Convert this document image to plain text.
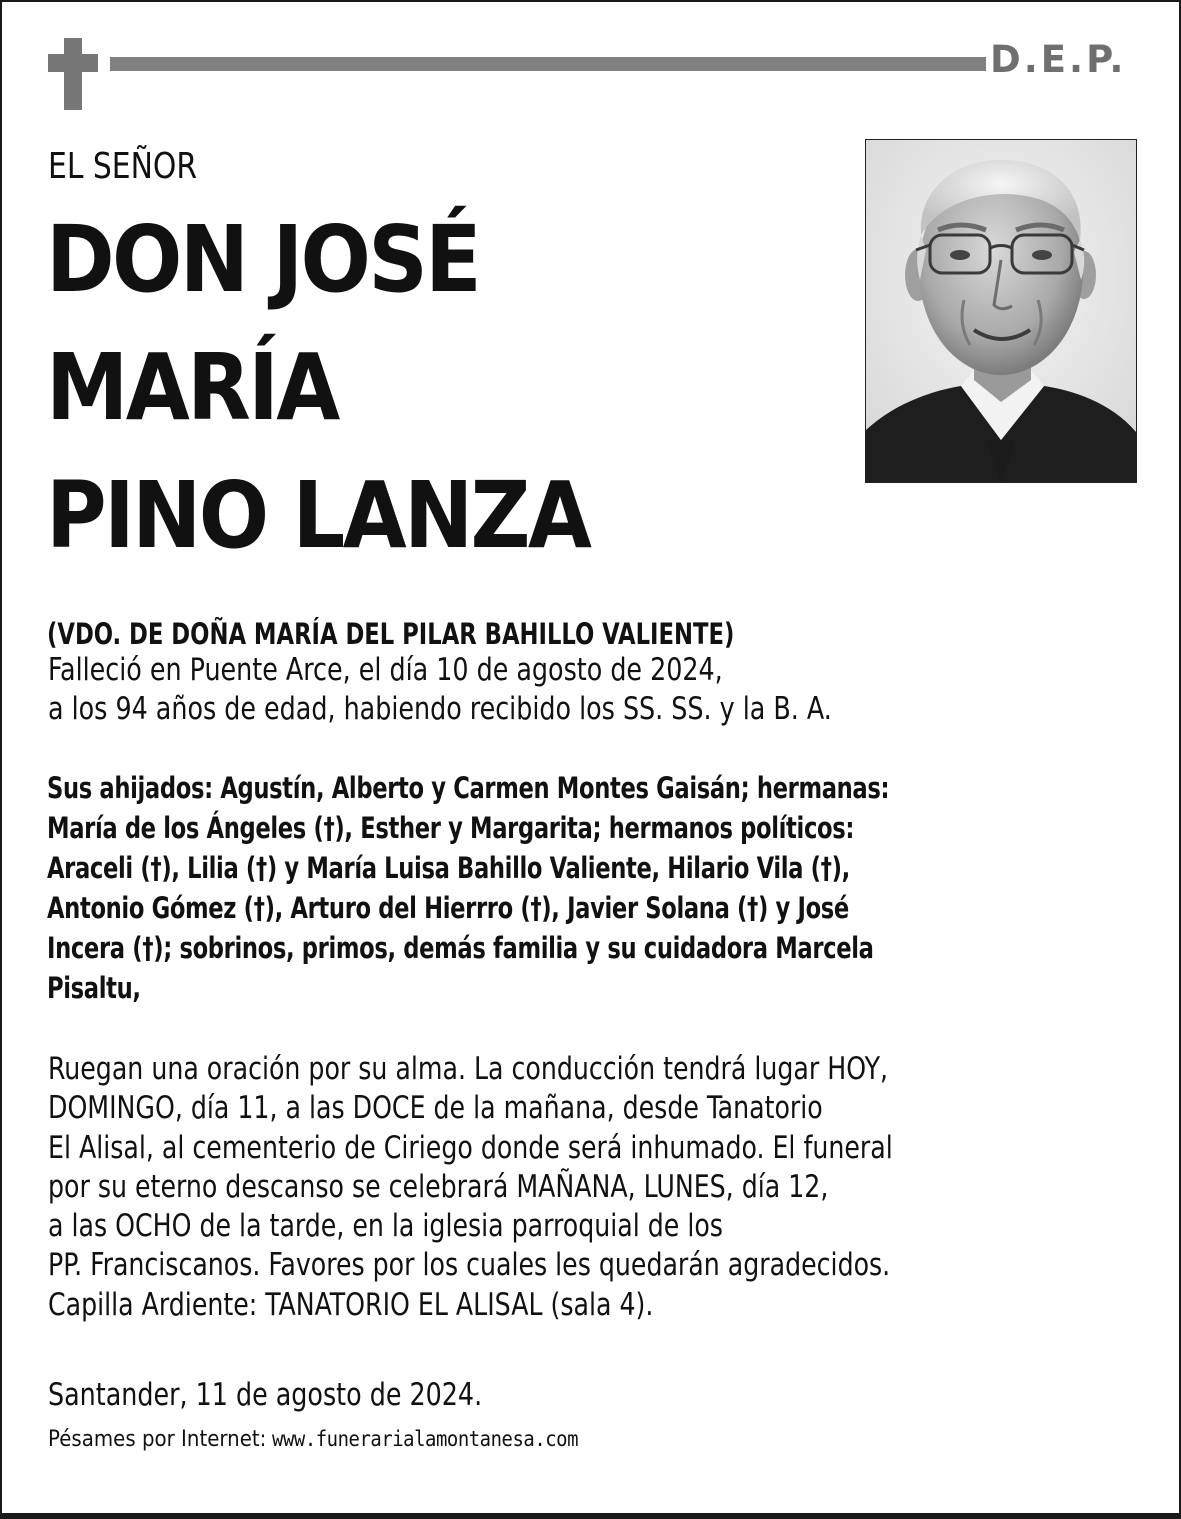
D.E.P.
EL SEÑOR
DON JOSÉ
MARÍA
PINO LANZA
(VDO. DE DOÑA MARÍA DEL PILAR BAHILLO VALIENTE)
Falleció en Puente Arce, el día 10 de agosto de 2024,
a los 94 años de edad, habiendo recibido los SS. SS. y la B. A.
Sus ahijados: Agustín, Alberto y Carmen Montes Gaisán; hermanas:
María de los Ángeles (†), Esther y Margarita; hermanos políticos:
Araceli (†), Lilia (†) y María Luisa Bahillo Valiente, Hilario Vila (†),
Antonio Gómez (†), Arturo del Hierrro (†), Javier Solana (†) y José
Incera (†); sobrinos, primos, demás familia y su cuidadora Marcela
Pisaltu,
Ruegan una oración por su alma. La conducción tendrá lugar HOY,
DOMINGO, día 11, a las DOCE de la mañana, desde Tanatorio
El Alisal, al cementerio de Ciriego donde será inhumado. El funeral
por su eterno descanso se celebrará MAÑANA, LUNES, día 12,
a las OCHO de la tarde, en la iglesia parroquial de los
PP. Franciscanos. Favores por los cuales les quedarán agradecidos.
Capilla Ardiente: TANATORIO EL ALISAL (sala 4).
Santander, 11 de agosto de 2024.
Pésames por Internet: www.funerarialamontanesa.com
